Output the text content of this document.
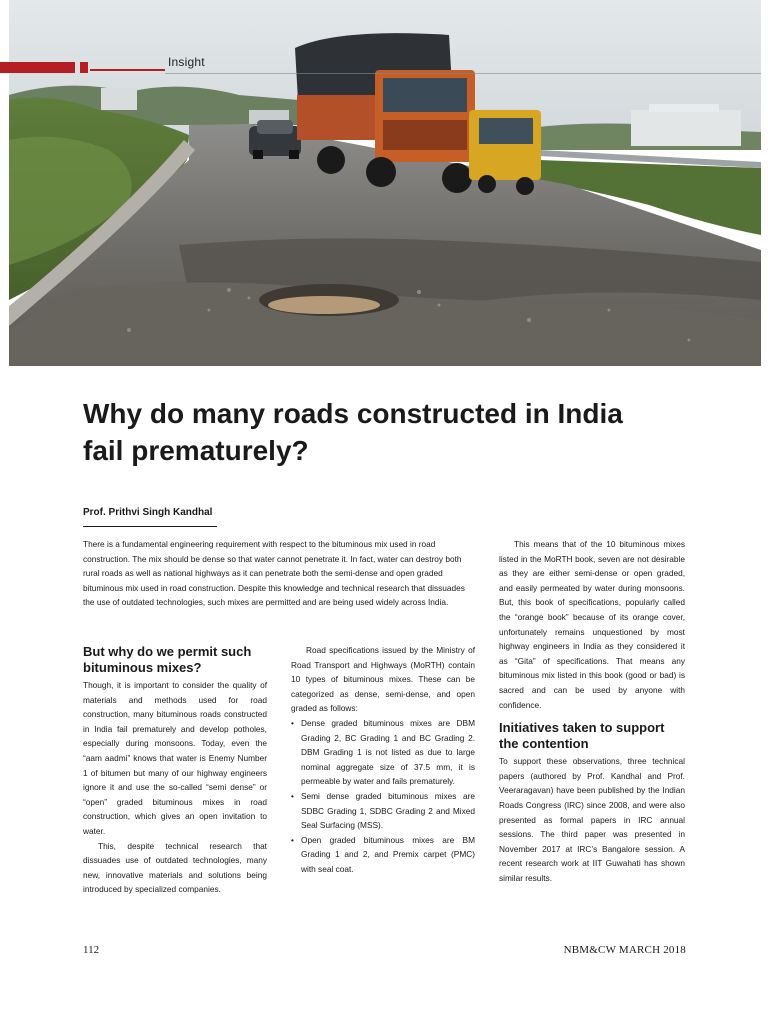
Insight
Why do many roads constructed in India fail prematurely?
Prof. Prithvi Singh Kandhal

There is a fundamental engineering requirement with respect to the bituminous mix used in road construction. The mix should be dense so that water cannot penetrate it. In fact, water can destroy both rural roads as well as national highways as it can penetrate both the semi-dense and open graded bituminous mix used in road construction. Despite this knowledge and technical research that dissuades the use of outdated technologies, such mixes are permitted and are being used widely across India.

But why do we permit such bituminous mixes?

Though, it is important to consider the quality of materials and methods used for road construction, many bituminous roads constructed in India fail prematurely and develop potholes, especially during monsoons. Today, even the “aam aadmi” knows that water is Enemy Number 1 of bitumen but many of our highway engineers ignore it and use the so-called “semi dense” or “open” graded bituminous mixes in road construction, which gives an open invitation to water.

This, despite technical research that dissuades use of outdated technologies, many new, innovative materials and solutions being introduced by specialized companies.

Road specifications issued by the Ministry of Road Transport and Highways (MoRTH) contain 10 types of bituminous mixes. These can be categorized as dense, semi-dense, and open graded as follows:

• Dense graded bituminous mixes are DBM Grading 2, BC Grading 1 and BC Grading 2. DBM Grading 1 is not listed as due to large nominal aggregate size of 37.5 mm, it is permeable by water and fails prematurely.
• Semi dense graded bituminous mixes are SDBC Grading 1, SDBC Grading 2 and Mixed Seal Surfacing (MSS).
• Open graded bituminous mixes are BM Grading 1 and 2, and Premix carpet (PMC) with seal coat.

This means that of the 10 bituminous mixes listed in the MoRTH book, seven are not desirable as they are either semi-dense or open graded, and easily permeated by water during monsoons. But, this book of specifications, popularly called the “orange book” because of its orange cover, unfortunately remains unquestioned by most highway engineers in India as they considered it as “Gita” of specifications. That means any bituminous mix listed in this book (good or bad) is sacred and can be used by anyone with confidence.

Initiatives taken to support the contention

To support these observations, three technical papers (authored by Prof. Kandhal and Prof. Veeraragavan) have been published by the Indian Roads Congress (IRC) since 2008, and were also presented as formal papers in IRC annual sessions. The third paper was presented in November 2017 at IRC’s Bangalore session. A recent research work at IIT Guwahati has shown similar results.

112	NBM&CW MARCH 2018
